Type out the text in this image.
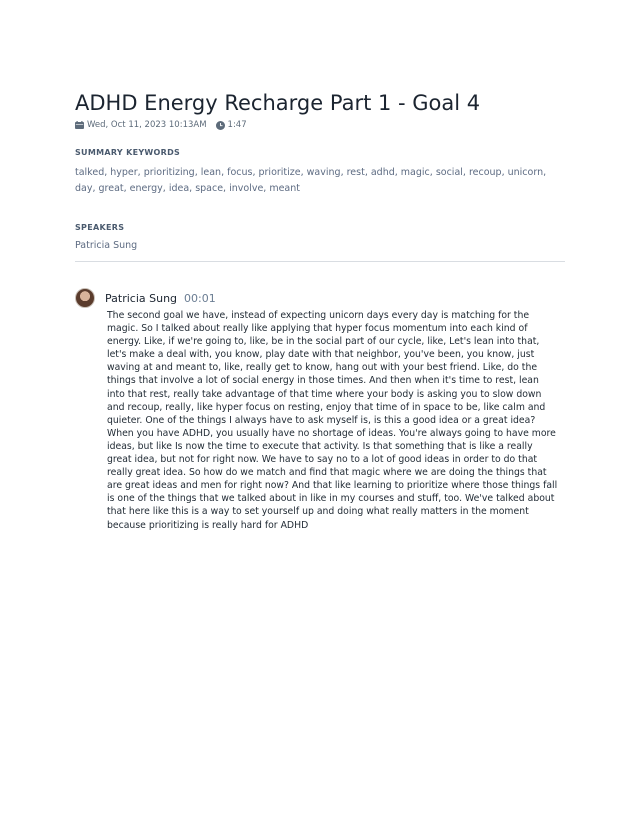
ADHD Energy Recharge Part 1 - Goal 4
Wed, Oct 11, 2023 10:13AM 1:47

SUMMARY KEYWORDS

talked, hyper, prioritizing, lean, focus, prioritize, waving, rest, adhd, magic, social, recoup, unicorn, day, great, energy, idea, space, involve, meant

SPEAKERS

Patricia Sung
Patricia Sung 00:01
The second goal we have, instead of expecting unicorn days every day is matching for the magic. So I talked about really like applying that hyper focus momentum into each kind of energy. Like, if we're going to, like, be in the social part of our cycle, like, Let's lean into that, let's make a deal with, you know, play date with that neighbor, you've been, you know, just waving at and meant to, like, really get to know, hang out with your best friend. Like, do the things that involve a lot of social energy in those times. And then when it's time to rest, lean into that rest, really take advantage of that time where your body is asking you to slow down and recoup, really, like hyper focus on resting, enjoy that time of in space to be, like calm and quieter. One of the things I always have to ask myself is, is this a good idea or a great idea? When you have ADHD, you usually have no shortage of ideas. You're always going to have more ideas, but like Is now the time to execute that activity. Is that something that is like a really great idea, but not for right now. We have to say no to a lot of good ideas in order to do that really great idea. So how do we match and find that magic where we are doing the things that are great ideas and men for right now? And that like learning to prioritize where those things fall is one of the things that we talked about in like in my courses and stuff, too. We've talked about that here like this is a way to set yourself up and doing what really matters in the moment because prioritizing is really hard for ADHD
